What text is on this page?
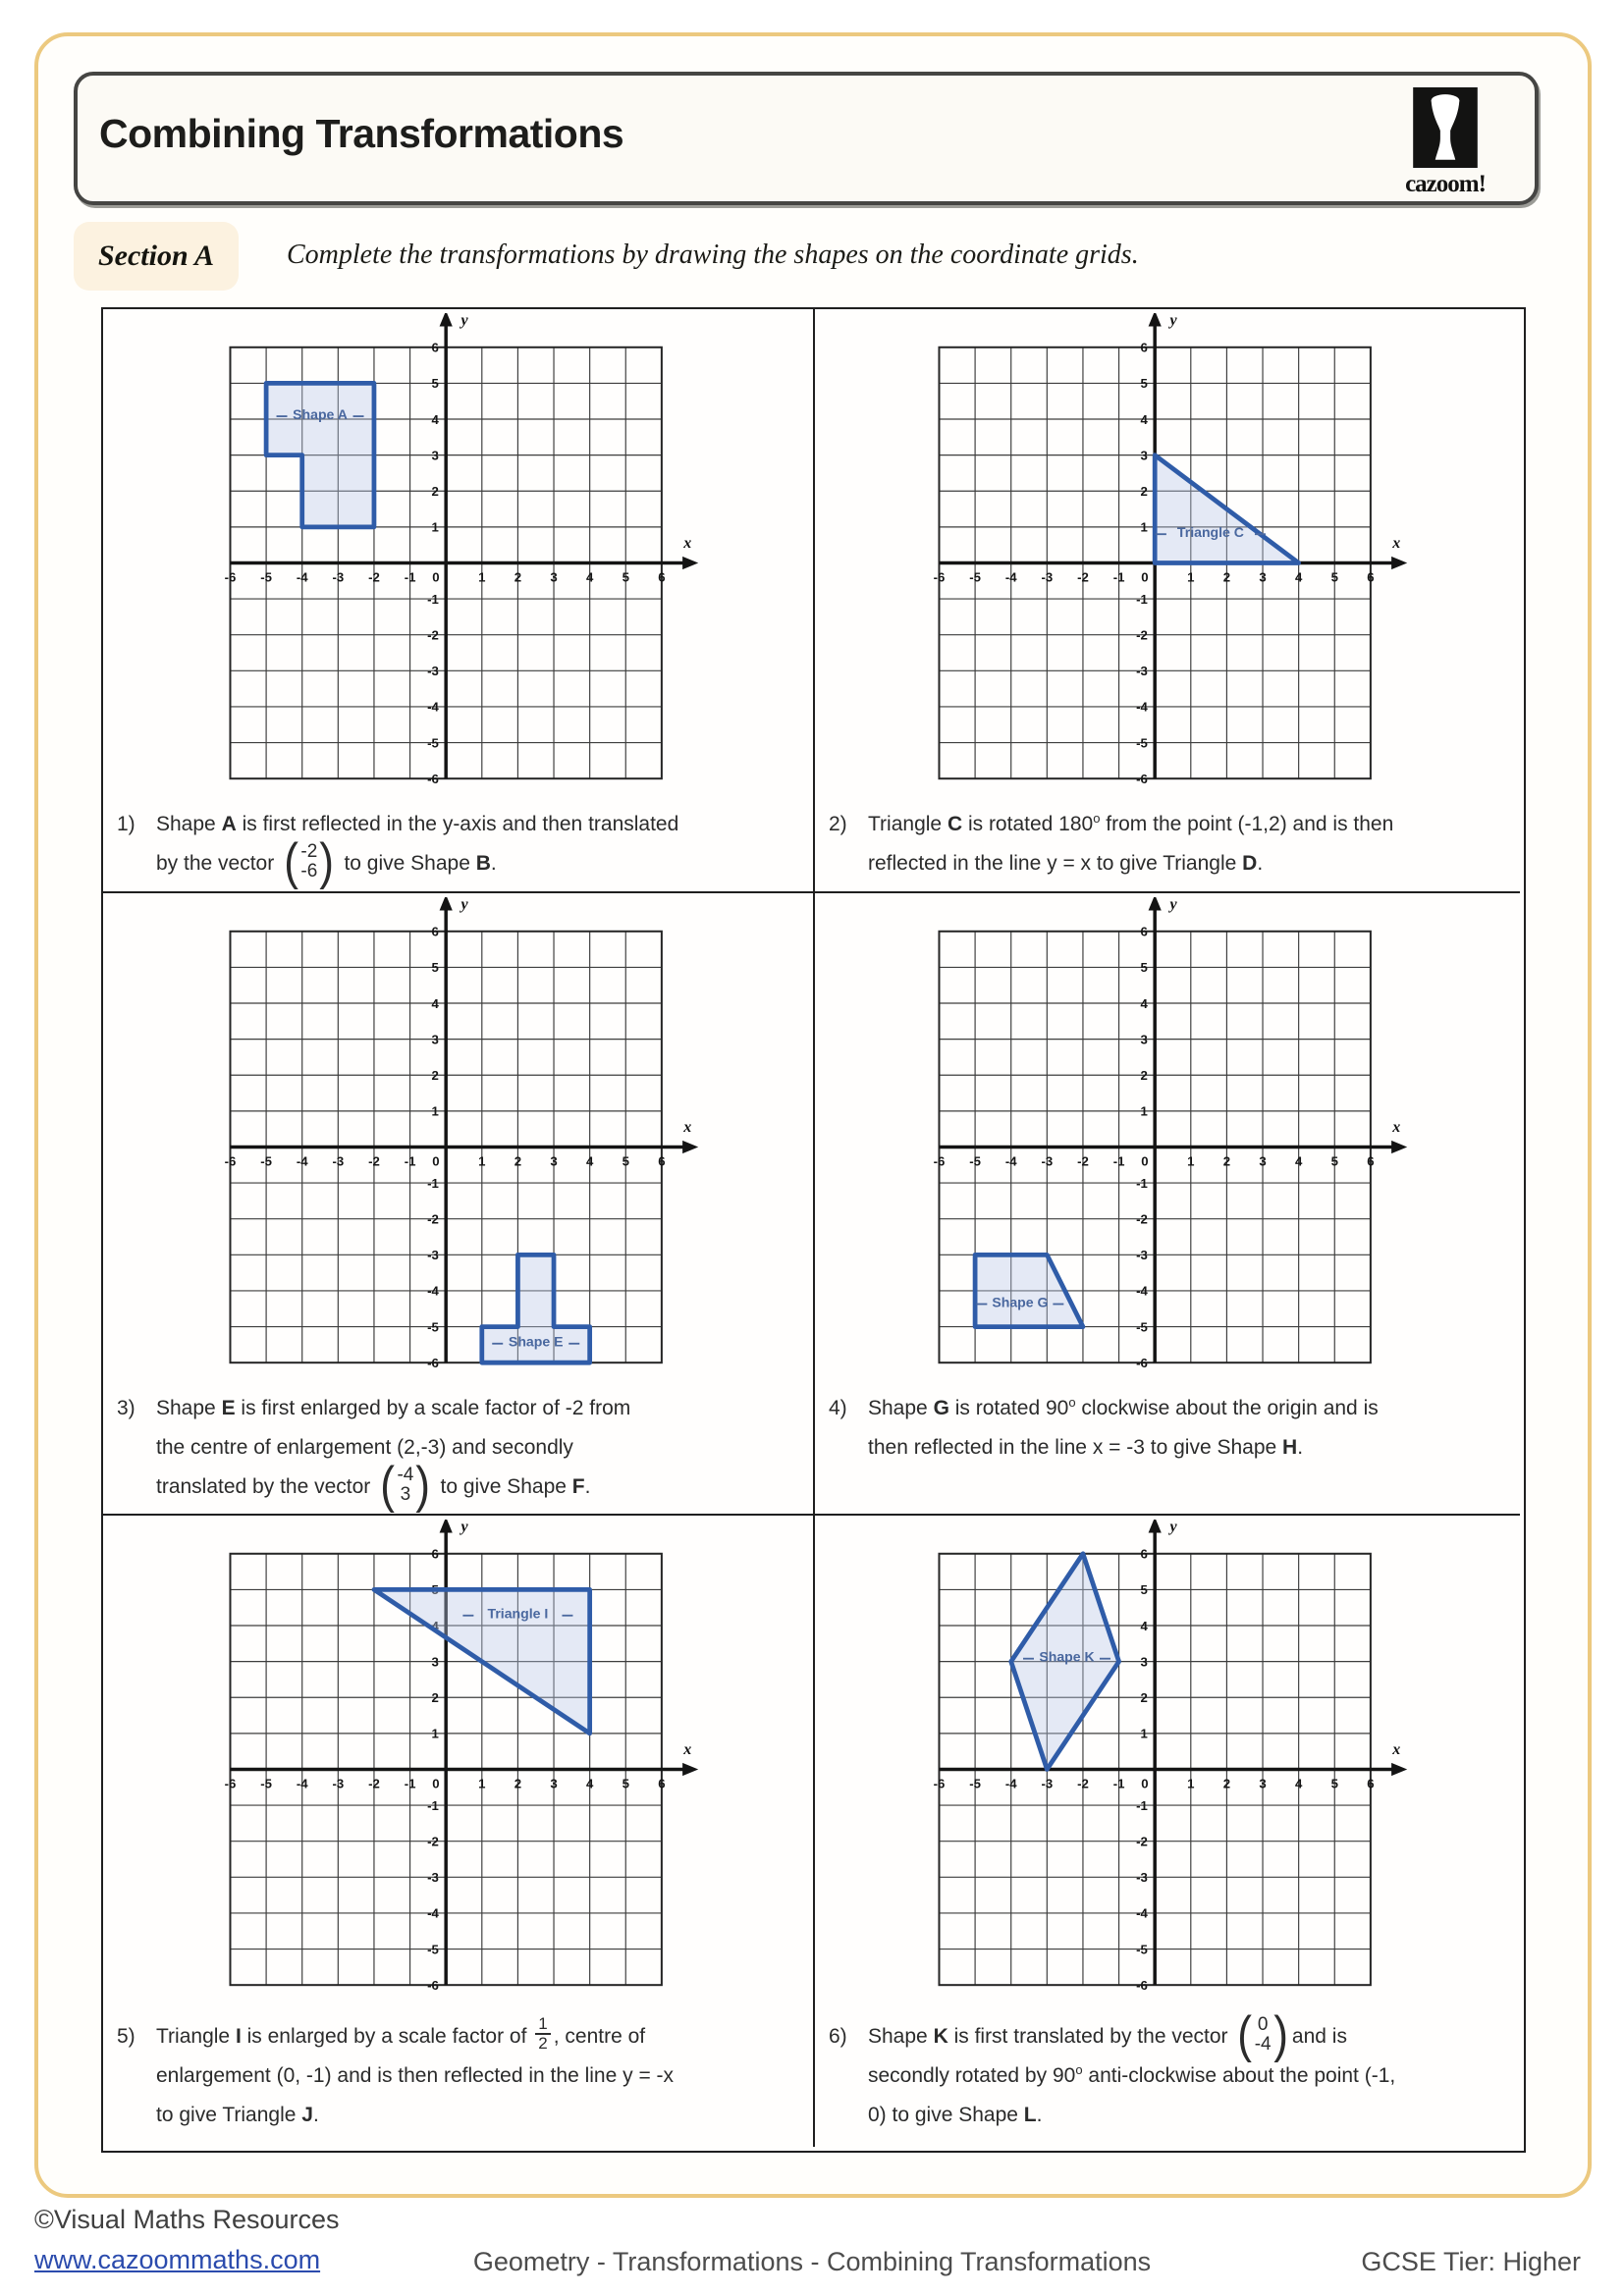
Combining Transformations
cazoom!
Section A	Complete the transformations by drawing the shapes on the coordinate grids.
1)	Shape A is first reflected in the y-axis and then translated by the vector ( -2
-6 ) to give Shape B.
2)	Triangle C is rotated 180$^o$ from the point (-1,2) and is then reflected in the line y = x to give Triangle D.
3)	Shape E is first enlarged by a scale factor of -2 from the centre of enlargement (2,-3) and secondly translated by the vector ( -4
3 ) to give Shape F.
4)	Shape G is rotated 90$^o$ clockwise about the origin and is then reflected in the line x = -3 to give Shape H.
5)	Triangle I is enlarged by a scale factor of $\frac{1}{2}$ , centre of enlargement (0, -1) and is then reflected in the line y = -x to give Triangle J.
6)	Shape K is first translated by the vector ( 0
-4 ) and is secondly rotated by 90$^o$ anti-clockwise about the point (-1, 0) to give Shape L.
©Visual Maths Resources
www.cazoommaths.com	Geometry - Transformations - Combining Transformations	GCSE Tier: Higher
